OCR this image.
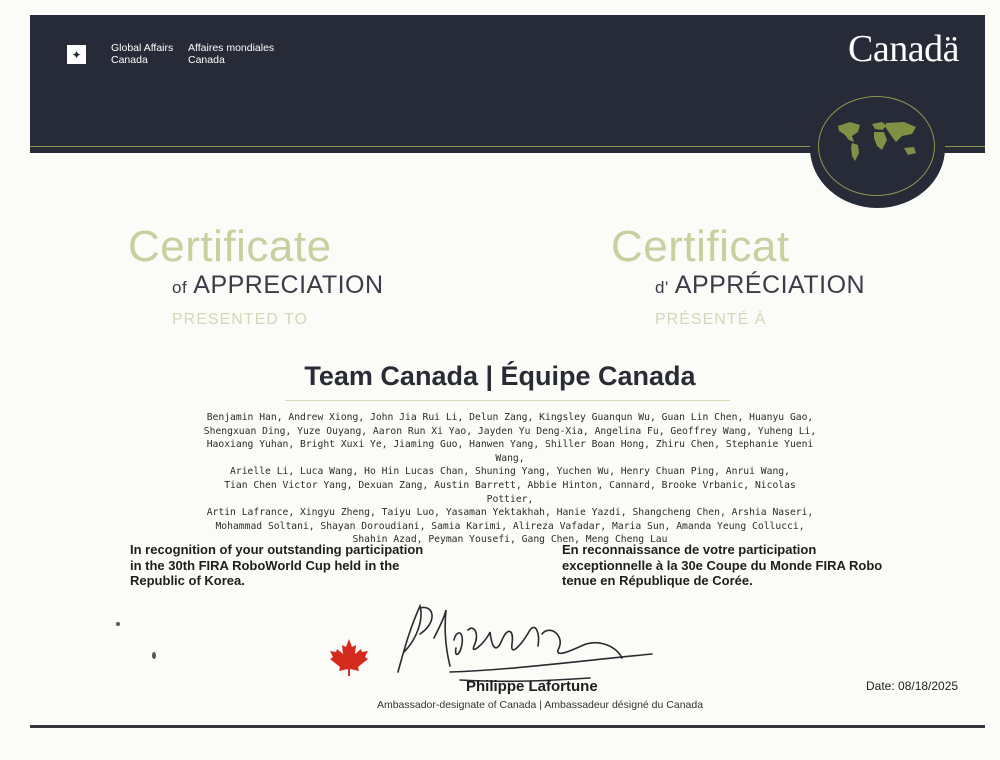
✦	Global Affairs
Canada
Affaires mondiales
Canada	Canadä
Certificate
of APPRECIATION
PRESENTED TO
Certificat
d' APPRÉCIATION
PRÉSENTÉ À
Team Canada | Équipe Canada
Benjamin Han, Andrew Xiong, John Jia Rui Li, Delun Zang, Kingsley Guanqun Wu, Guan Lin Chen, Huanyu Gao,
Shengxuan Ding, Yuze Ouyang, Aaron Run Xi Yao, Jayden Yu Deng-Xia, Angelina Fu, Geoffrey Wang, Yuheng Li,
Haoxiang Yuhan, Bright Xuxi Ye, Jiaming Guo, Hanwen Yang, Shiller Boan Hong, Zhiru Chen, Stephanie Yueni Wang,
Arielle Li, Luca Wang, Ho Hin Lucas Chan, Shuning Yang, Yuchen Wu, Henry Chuan Ping, Anrui Wang,
Tian Chen Victor Yang, Dexuan Zang, Austin Barrett, Abbie Hinton, Cannard, Brooke Vrbanic, Nicolas Pottier,
Artin Lafrance, Xingyu Zheng, Taiyu Luo, Yasaman Yektakhah, Hanie Yazdi, Shangcheng Chen, Arshia Naseri,
Mohammad Soltani, Shayan Doroudiani, Samia Karimi, Alireza Vafadar, Maria Sun, Amanda Yeung Collucci,
Shahin Azad, Peyman Yousefi, Gang Chen, Meng Cheng Lau
In recognition of your outstanding participation
in the 30th FIRA RoboWorld Cup held in the
Republic of Korea.
En reconnaissance de votre participation
exceptionnelle à la 30e Coupe du Monde FIRA Robo
tenue en République de Corée.
Philippe Lafortune
Ambassador-designate of Canada | Ambassadeur désigné du Canada
Date: 08/18/2025
